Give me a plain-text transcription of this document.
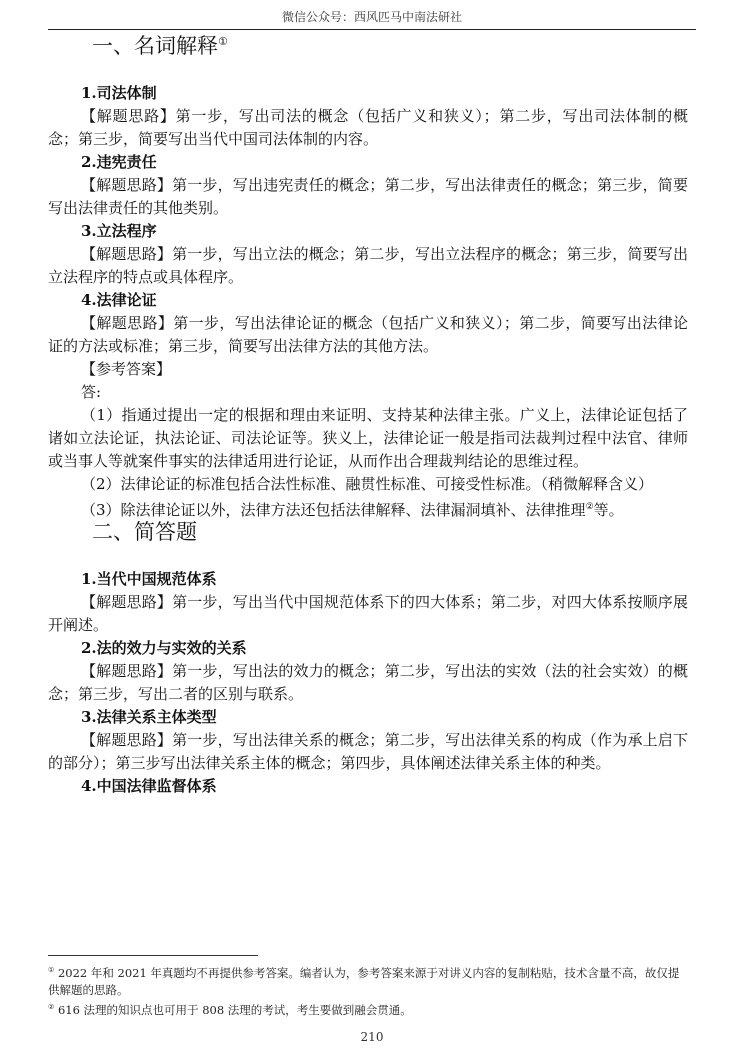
微信公众号：西风匹马中南法研社
一、名词解释①

1.司法体制

【解题思路】第一步，写出司法的概念（包括广义和狭义）；第二步，写出司法体制的概念；第三步，简要写出当代中国司法体制的内容。

2.违宪责任

【解题思路】第一步，写出违宪责任的概念；第二步，写出法律责任的概念；第三步，简要写出法律责任的其他类别。

3.立法程序

【解题思路】第一步，写出立法的概念；第二步，写出立法程序的概念；第三步，简要写出立法程序的特点或具体程序。

4.法律论证

【解题思路】第一步，写出法律论证的概念（包括广义和狭义）；第二步，简要写出法律论证的方法或标准；第三步，简要写出法律方法的其他方法。

【参考答案】

答:

（1）指通过提出一定的根据和理由来证明、支持某种法律主张。广义上，法律论证包括了诸如立法论证，执法论证、司法论证等。狭义上，法律论证一般是指司法裁判过程中法官、律师或当事人等就案件事实的法律适用进行论证，从而作出合理裁判结论的思维过程。

（2）法律论证的标准包括合法性标准、融贯性标准、可接受性标准。（稍微解释含义）

（3）除法律论证以外，法律方法还包括法律解释、法律漏洞填补、法律推理②等。

二、简答题

1.当代中国规范体系

【解题思路】第一步，写出当代中国规范体系下的四大体系；第二步，对四大体系按顺序展开阐述。

2.法的效力与实效的关系

【解题思路】第一步，写出法的效力的概念；第二步，写出法的实效（法的社会实效）的概念；第三步，写出二者的区别与联系。

3.法律关系主体类型

【解题思路】第一步，写出法律关系的概念；第二步，写出法律关系的构成（作为承上启下的部分）；第三步写出法律关系主体的概念；第四步，具体阐述法律关系主体的种类。

4.中国法律监督体系

① 2022 年和 2021 年真题均不再提供参考答案。编者认为，参考答案来源于对讲义内容的复制粘贴，技术含量不高，故仅提供解题的思路。

② 616 法理的知识点也可用于 808 法理的考试，考生要做到融会贯通。

210
